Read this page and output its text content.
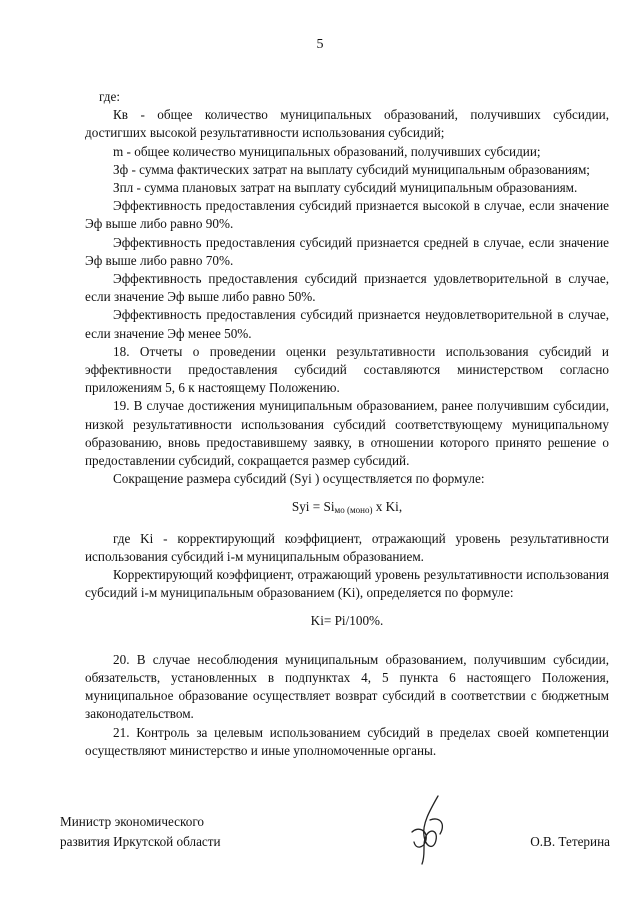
5

где:

Кв - общее количество муниципальных образований, получивших субсидии, достигших высокой результативности использования субсидий;

m - общее количество муниципальных образований, получивших субсидии;

Зф - сумма фактических затрат на выплату субсидий муниципальным образованиям;

Зпл - сумма плановых затрат на выплату субсидий муниципальным образованиям.

Эффективность предоставления субсидий признается высокой в случае, если значение Эф выше либо равно 90%.

Эффективность предоставления субсидий признается средней в случае, если значение Эф выше либо равно 70%.

Эффективность предоставления субсидий признается удовлетворительной в случае, если значение Эф выше либо равно 50%.

Эффективность предоставления субсидий признается неудовлетворительной в случае, если значение Эф менее 50%.

18. Отчеты о проведении оценки результативности использования субсидий и эффективности предоставления субсидий составляются министерством согласно приложениям 5, 6 к настоящему Положению.

19. В случае достижения муниципальным образованием, ранее получившим субсидии, низкой результативности использования субсидий соответствующему муниципальному образованию, вновь предоставившему заявку, в отношении которого принято решение о предоставлении субсидий, сокращается размер субсидий.

Сокращение размера субсидий (Syi ) осуществляется по формуле:

Syi = $Si_{мо (моно)}$ x Ki,

где Ki - корректирующий коэффициент, отражающий уровень результативности использования субсидий i-м муниципальным образованием.

Корректирующий коэффициент, отражающий уровень результативности использования субсидий i-м муниципальным образованием (Ki), определяется по формуле:

Ki= Pi/100%.

20. В случае несоблюдения муниципальным образованием, получившим субсидии, обязательств, установленных в подпунктах 4, 5 пункта 6 настоящего Положения, муниципальное образование осуществляет возврат субсидий в соответствии с бюджетным законодательством.

21. Контроль за целевым использованием субсидий в пределах своей компетенции осуществляют министерство и иные уполномоченные органы.

Министр экономического
развития Иркутской области	О.В. Тетерина
